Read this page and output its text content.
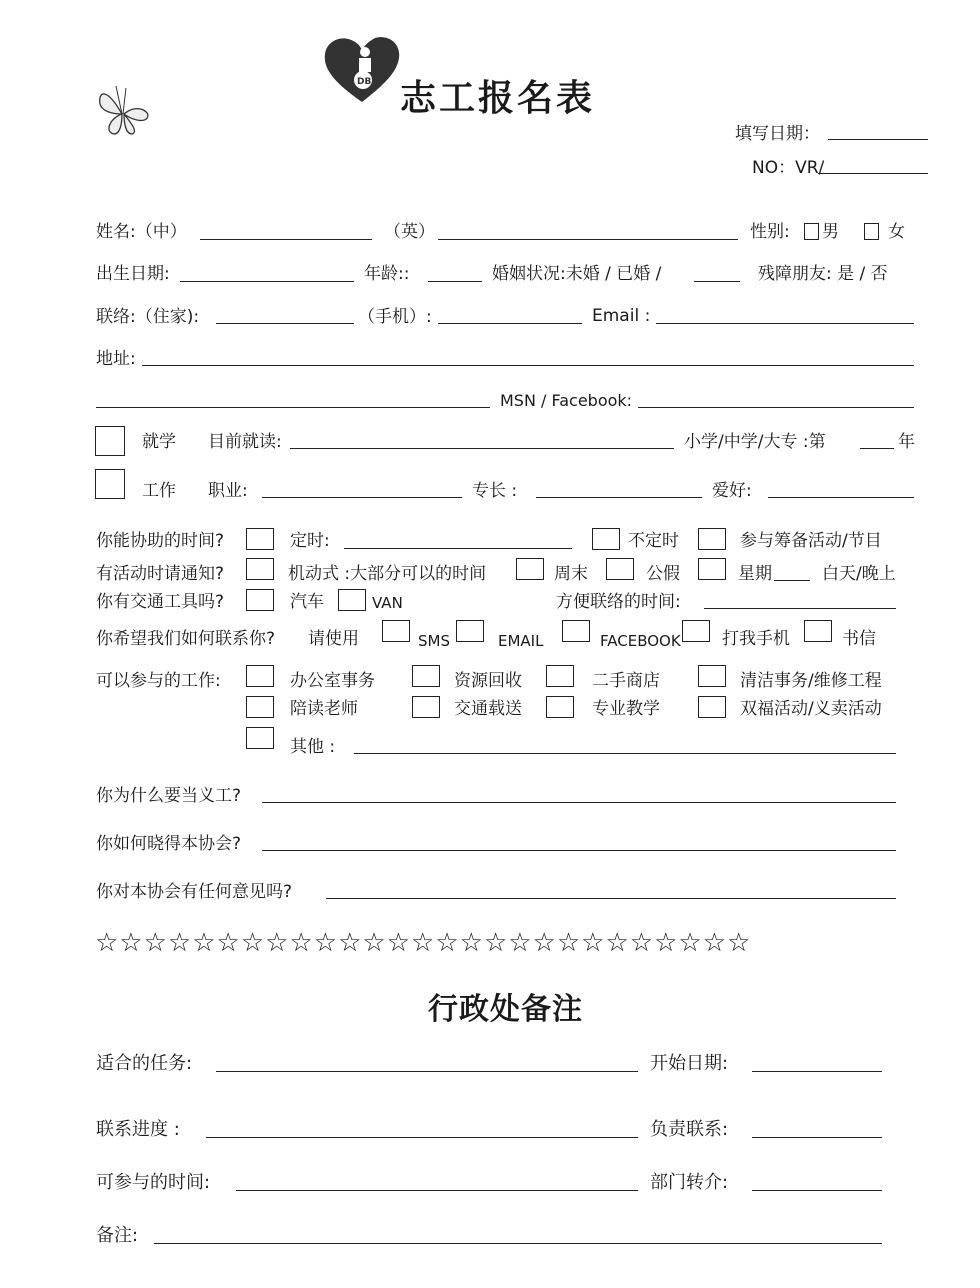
DB 志工报名表
填写日期：
NO：VR/
姓名:（中）	（英）	性别: 男	女
出生日期:	年龄::	婚姻状况:未婚 / 已婚 /	残障朋友: 是 / 否
联络:（住家):	（手机）:	Email :
地址:
MSN / Facebook:
就学 目前就读:	小学/中学/大专 :第	年
工作 职业:	专长 :	爱好:
你能协助的时间?	定时:	不定时	参与筹备活动/节目
有活动时请通知?	机动式 :大部分可以的时间	周末	公假	星期	白天/晚上
你有交通工具吗?	汽车	VAN	方便联络的时间:
你希望我们如何联系你? 请使用	SMS	EMAIL	FACEBOOK 打我手机	书信
可以参与的工作:	办公室事务	资源回收	二手商店	清洁事务/维修工程
陪读老师	交通载送	专业教学	双福活动/义卖活动
其他 :
你为什么要当义工?
你如何晓得本协会?
你对本协会有任何意见吗?
☆☆☆☆☆☆☆☆☆☆☆☆☆☆☆☆☆☆☆☆☆☆☆☆☆☆☆
行政处备注
适合的任务:	开始日期:
联系进度 :	负责联系:
可参与的时间:	部门转介:
备注:
